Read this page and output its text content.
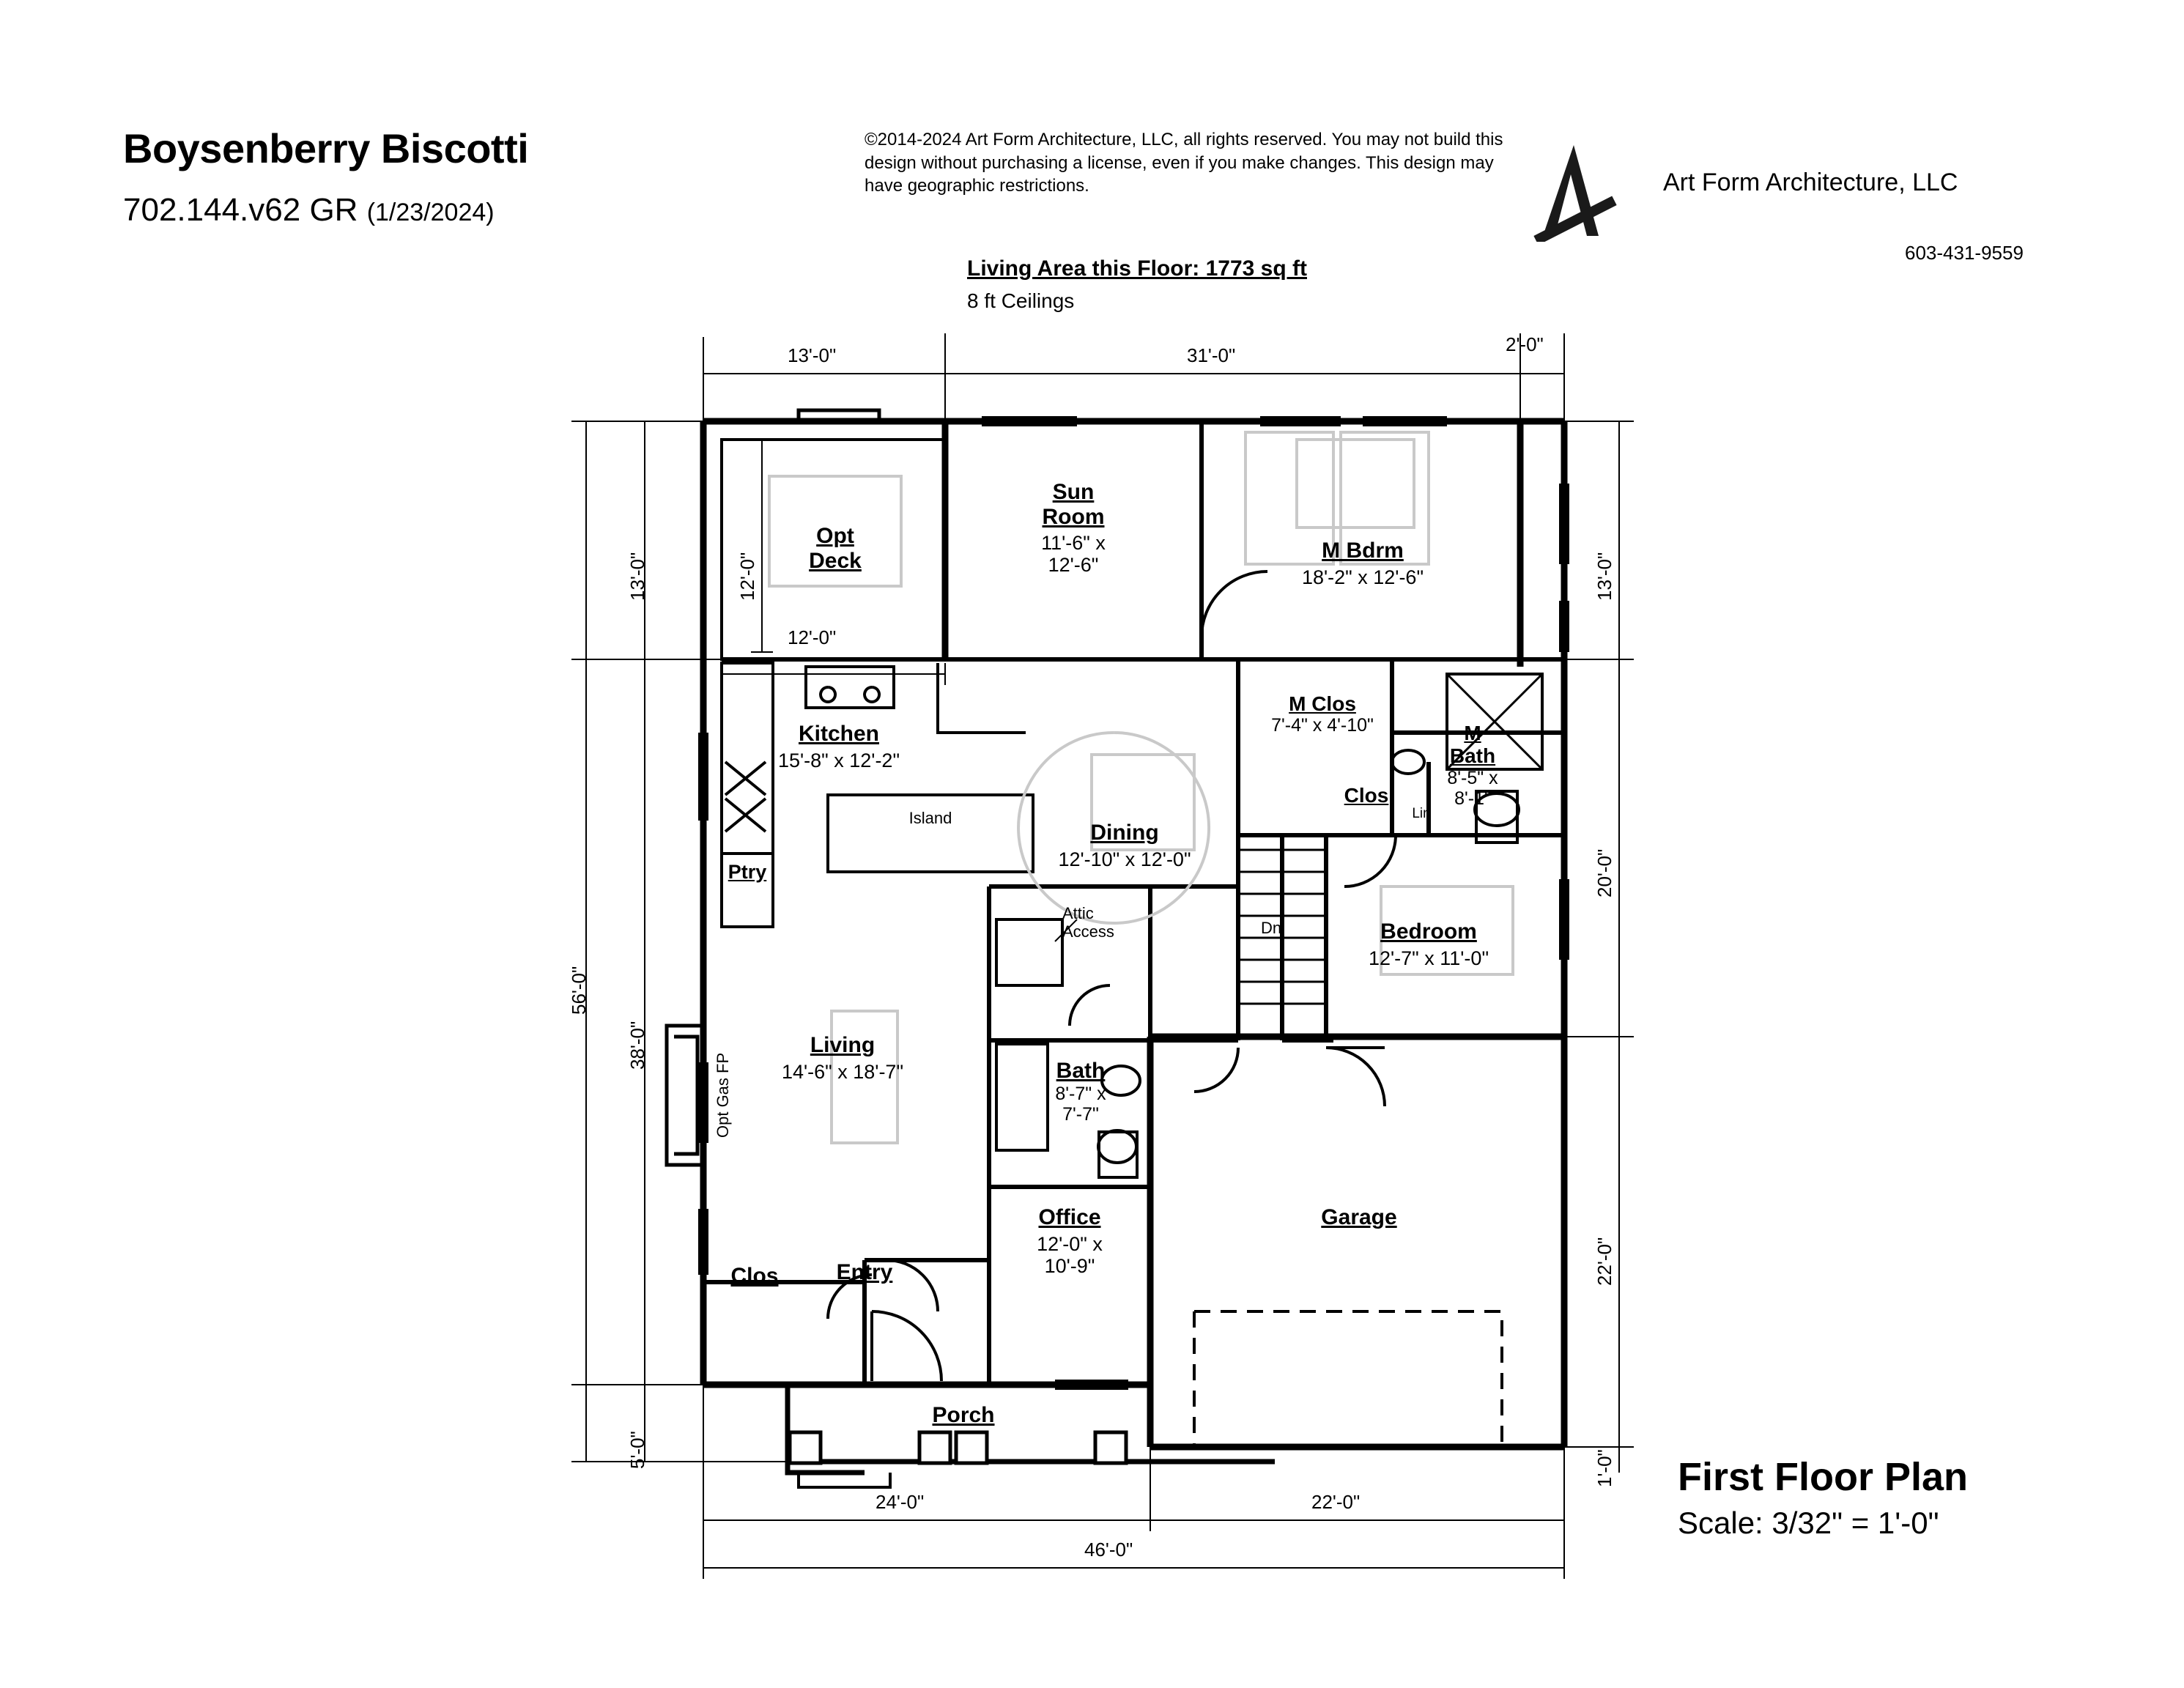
Boysenberry Biscotti
702.144.v62 GR (1/23/2024)
©2014-2024 Art Form Architecture, LLC, all rights reserved. You may not build this design without purchasing a license, even if you make changes. This design may have geographic restrictions.	Art Form Architecture, LLC
603-431-9559
Living Area this Floor: 1773 sq ft
8 ft Ceilings
Opt
Deck
Sun
Room
11'-6" x
12'-6"
M Bdrm
18'-2" x 12'-6"
Kitchen
15'-8" x 12'-2"
Island
Ptry
Dining
12'-10" x 12'-0"
M Clos
7'-4" x 4'-10"	M
Bath
8'-5" x
8'-1"
Clos
Lin
Bedroom
12'-7" x 11'-0"
Living
14'-6" x 18'-7"	Bath
8'-7" x
7'-7"
Office
12'-0" x
10'-9"
Garage
Entry
Clos
Porch
Attic
Access	Dn
Opt Gas FP
13'-0"	31'-0"	2'-0"
13'-0"
56'-0"
38'-0"
5'-0"
13'-0"
20'-0"
22'-0"
1'-0"
12'-0"
12'-0"
24'-0"	22'-0"
46'-0"
First Floor Plan
Scale: 3/32" = 1'-0"
